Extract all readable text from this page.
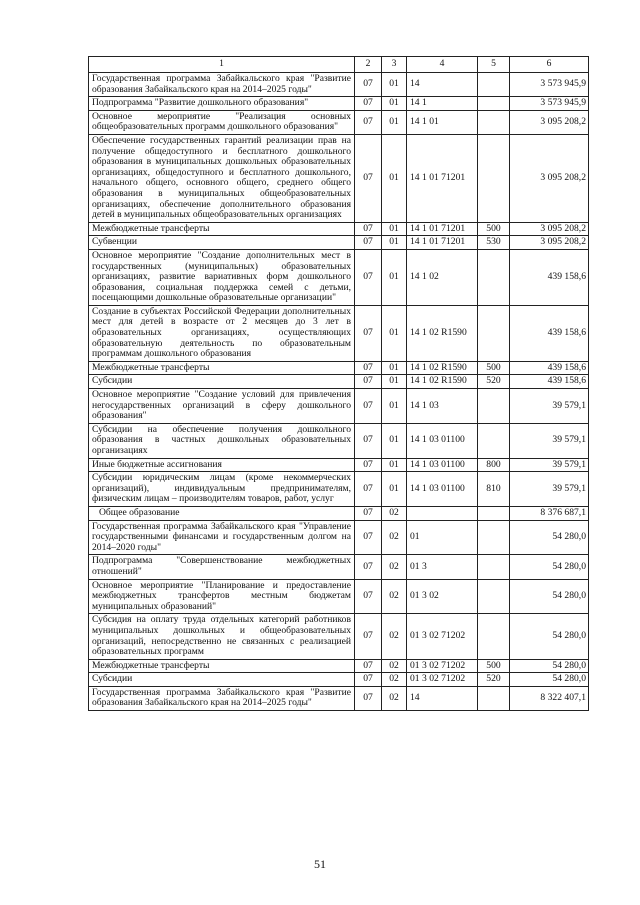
1	2	3	4	5	6
Государственная программа Забайкальского края "Развитие образования Забайкальского края на 2014–2025 годы"	07	01	14		3 573 945,9
Подпрограмма "Развитие дошкольного образования"	07	01	14 1		3 573 945,9
Основное мероприятие "Реализация основных общеобразовательных программ дошкольного образования"	07	01	14 1 01		3 095 208,2
Обеспечение государственных гарантий реализации прав на получение общедоступного и бесплатного дошкольного образования в муниципальных дошкольных образовательных организациях, общедоступного и бесплатного дошкольного, начального общего, основного общего, среднего общего образования в муниципальных общеобразовательных организациях, обеспечение дополнительного образования детей в муниципальных общеобразовательных организациях	07	01	14 1 01 71201		3 095 208,2
Межбюджетные трансферты	07	01	14 1 01 71201	500	3 095 208,2
Субвенции	07	01	14 1 01 71201	530	3 095 208,2
Основное мероприятие "Создание дополнительных мест в государственных (муниципальных) образовательных организациях, развитие вариативных форм дошкольного образования, социальная поддержка семей с детьми, посещающими дошкольные образовательные организации"	07	01	14 1 02		439 158,6
Создание в субъектах Российской Федерации дополнительных мест для детей в возрасте от 2 месяцев до 3 лет в образовательных организациях, осуществляющих образовательную деятельность по образовательным программам дошкольного образования	07	01	14 1 02 R1590		439 158,6
Межбюджетные трансферты	07	01	14 1 02 R1590	500	439 158,6
Субсидии	07	01	14 1 02 R1590	520	439 158,6
Основное мероприятие "Создание условий для привлечения негосударственных организаций в сферу дошкольного образования"	07	01	14 1 03		39 579,1
Субсидии на обеспечение получения дошкольного образования в частных дошкольных образовательных организациях	07	01	14 1 03 01100		39 579,1
Иные бюджетные ассигнования	07	01	14 1 03 01100	800	39 579,1
Субсидии юридическим лицам (кроме некоммерческих организаций), индивидуальным предпринимателям, физическим лицам – производителям товаров, работ, услуг	07	01	14 1 03 01100	810	39 579,1
Общее образование	07	02			8 376 687,1
Государственная программа Забайкальского края "Управление государственными финансами и государственным долгом на 2014–2020 годы"	07	02	01		54 280,0
Подпрограмма "Совершенствование межбюджетных отношений"	07	02	01 3		54 280,0
Основное мероприятие "Планирование и предоставление межбюджетных трансфертов местным бюджетам муниципальных образований"	07	02	01 3 02		54 280,0
Субсидия на оплату труда отдельных категорий работников муниципальных дошкольных и общеобразовательных организаций, непосредственно не связанных с реализацией образовательных программ	07	02	01 3 02 71202		54 280,0
Межбюджетные трансферты	07	02	01 3 02 71202	500	54 280,0
Субсидии	07	02	01 3 02 71202	520	54 280,0
Государственная программа Забайкальского края "Развитие образования Забайкальского края на 2014–2025 годы"	07	02	14		8 322 407,1
51
